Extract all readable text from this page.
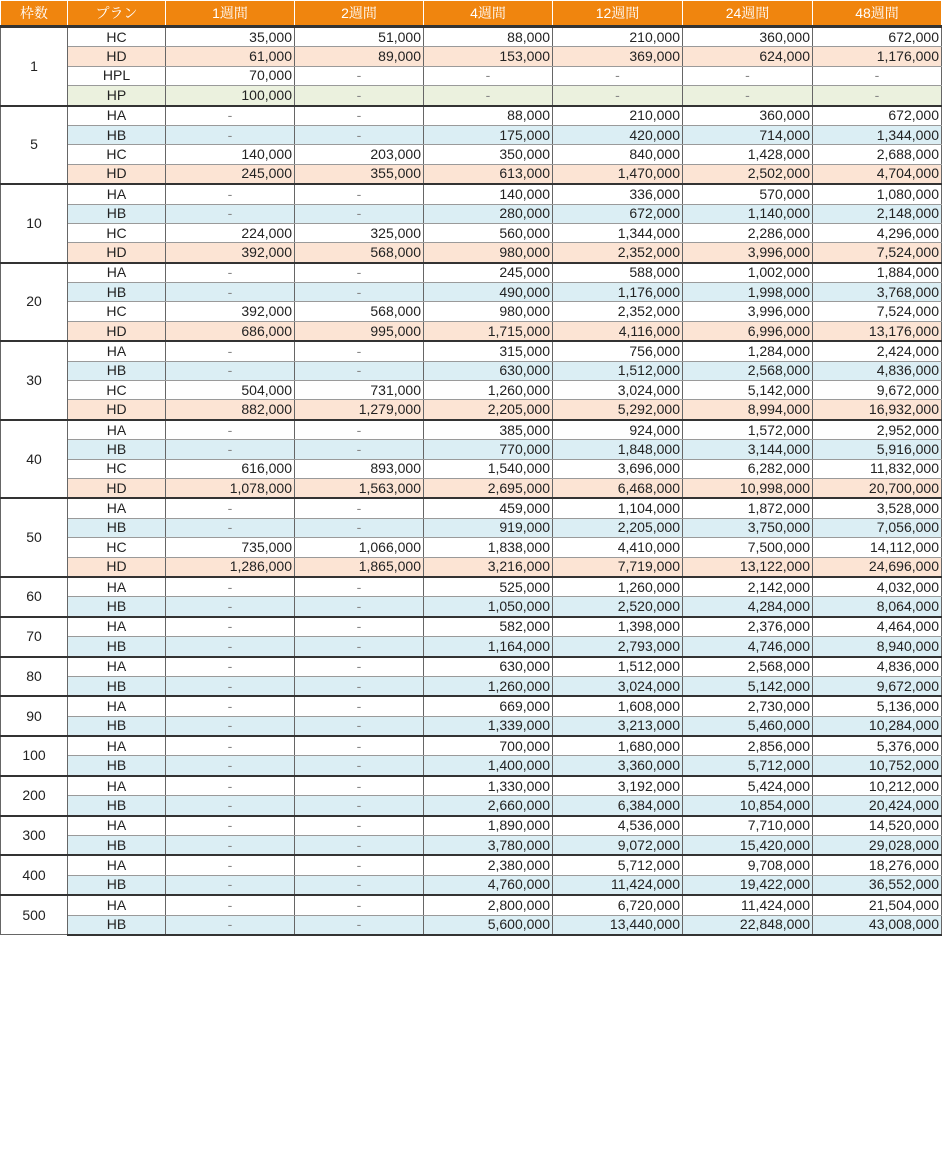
枠数	プラン	1週間	2週間	4週間	12週間	24週間	48週間
1	HC	35,000	51,000	88,000	210,000	360,000	672,000
	HD	61,000	89,000	153,000	369,000	624,000	1,176,000
	HPL	70,000	-	-	-	-	-
	HP	100,000	-	-	-	-	-
5	HA	-	-	88,000	210,000	360,000	672,000
	HB	-	-	175,000	420,000	714,000	1,344,000
	HC	140,000	203,000	350,000	840,000	1,428,000	2,688,000
	HD	245,000	355,000	613,000	1,470,000	2,502,000	4,704,000
10	HA	-	-	140,000	336,000	570,000	1,080,000
	HB	-	-	280,000	672,000	1,140,000	2,148,000
	HC	224,000	325,000	560,000	1,344,000	2,286,000	4,296,000
	HD	392,000	568,000	980,000	2,352,000	3,996,000	7,524,000
20	HA	-	-	245,000	588,000	1,002,000	1,884,000
	HB	-	-	490,000	1,176,000	1,998,000	3,768,000
	HC	392,000	568,000	980,000	2,352,000	3,996,000	7,524,000
	HD	686,000	995,000	1,715,000	4,116,000	6,996,000	13,176,000
30	HA	-	-	315,000	756,000	1,284,000	2,424,000
	HB	-	-	630,000	1,512,000	2,568,000	4,836,000
	HC	504,000	731,000	1,260,000	3,024,000	5,142,000	9,672,000
	HD	882,000	1,279,000	2,205,000	5,292,000	8,994,000	16,932,000
40	HA	-	-	385,000	924,000	1,572,000	2,952,000
	HB	-	-	770,000	1,848,000	3,144,000	5,916,000
	HC	616,000	893,000	1,540,000	3,696,000	6,282,000	11,832,000
	HD	1,078,000	1,563,000	2,695,000	6,468,000	10,998,000	20,700,000
50	HA	-	-	459,000	1,104,000	1,872,000	3,528,000
	HB	-	-	919,000	2,205,000	3,750,000	7,056,000
	HC	735,000	1,066,000	1,838,000	4,410,000	7,500,000	14,112,000
	HD	1,286,000	1,865,000	3,216,000	7,719,000	13,122,000	24,696,000
60	HA	-	-	525,000	1,260,000	2,142,000	4,032,000
	HB	-	-	1,050,000	2,520,000	4,284,000	8,064,000
70	HA	-	-	582,000	1,398,000	2,376,000	4,464,000
	HB	-	-	1,164,000	2,793,000	4,746,000	8,940,000
80	HA	-	-	630,000	1,512,000	2,568,000	4,836,000
	HB	-	-	1,260,000	3,024,000	5,142,000	9,672,000
90	HA	-	-	669,000	1,608,000	2,730,000	5,136,000
	HB	-	-	1,339,000	3,213,000	5,460,000	10,284,000
100	HA	-	-	700,000	1,680,000	2,856,000	5,376,000
	HB	-	-	1,400,000	3,360,000	5,712,000	10,752,000
200	HA	-	-	1,330,000	3,192,000	5,424,000	10,212,000
	HB	-	-	2,660,000	6,384,000	10,854,000	20,424,000
300	HA	-	-	1,890,000	4,536,000	7,710,000	14,520,000
	HB	-	-	3,780,000	9,072,000	15,420,000	29,028,000
400	HA	-	-	2,380,000	5,712,000	9,708,000	18,276,000
	HB	-	-	4,760,000	11,424,000	19,422,000	36,552,000
500	HA	-	-	2,800,000	6,720,000	11,424,000	21,504,000
	HB	-	-	5,600,000	13,440,000	22,848,000	43,008,000
